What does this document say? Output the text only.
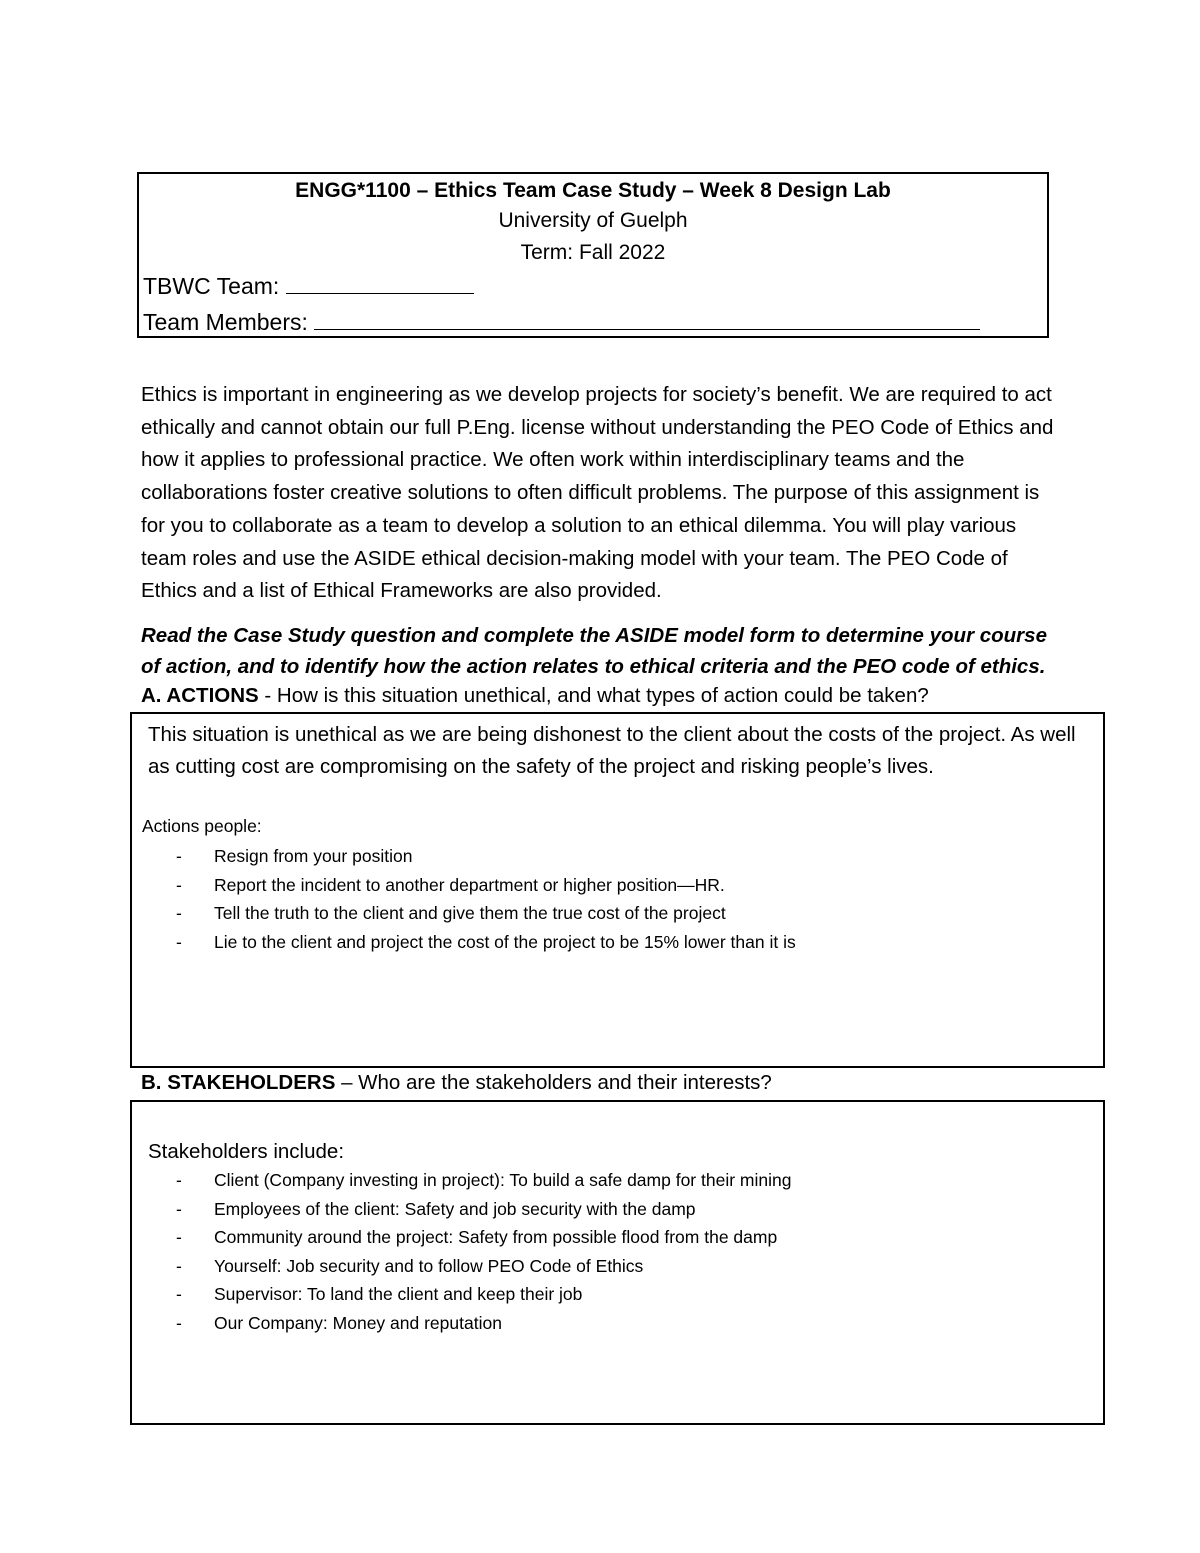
ENGG*1100 – Ethics Team Case Study – Week 8 Design Lab
University of Guelph
Term: Fall 2022
TBWC Team:
Team Members:

Ethics is important in engineering as we develop projects for society’s benefit. We are required to act ethically and cannot obtain our full P.Eng. license without understanding the PEO Code of Ethics and how it applies to professional practice. We often work within interdisciplinary teams and the collaborations foster creative solutions to often difficult problems. The purpose of this assignment is for you to collaborate as a team to develop a solution to an ethical dilemma. You will play various team roles and use the ASIDE ethical decision-making model with your team. The PEO Code of Ethics and a list of Ethical Frameworks are also provided.

Read the Case Study question and complete the ASIDE model form to determine your course of action, and to identify how the action relates to ethical criteria and the PEO code of ethics.

A. ACTIONS - How is this situation unethical, and what types of action could be taken?

This situation is unethical as we are being dishonest to the client about the costs of the project. As well as cutting cost are compromising on the safety of the project and risking people’s lives.

Actions people:

- Resign from your position
- Report the incident to another department or higher position—HR.
- Tell the truth to the client and give them the true cost of the project
- Lie to the client and project the cost of the project to be 15% lower than it is
B. STAKEHOLDERS – Who are the stakeholders and their interests?

Stakeholders include:

- Client (Company investing in project): To build a safe damp for their mining
- Employees of the client: Safety and job security with the damp
- Community around the project: Safety from possible flood from the damp
- Yourself: Job security and to follow PEO Code of Ethics
- Supervisor: To land the client and keep their job
- Our Company: Money and reputation
